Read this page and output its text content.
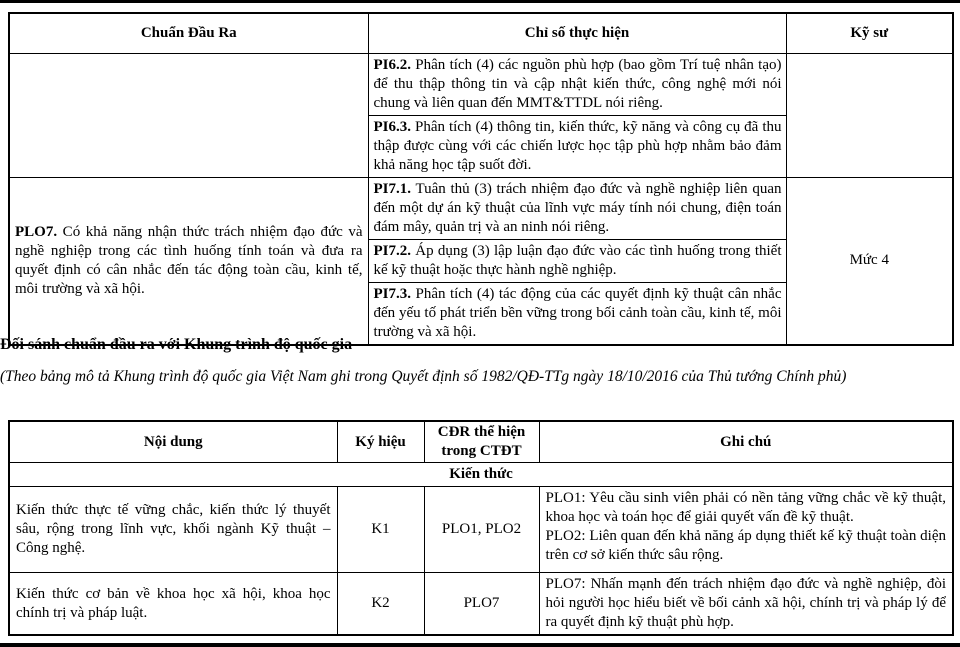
Chuẩn Đầu Ra	Chỉ số thực hiện	Kỹ sư
	PI6.2. Phân tích (4) các nguồn phù hợp (bao gồm Trí tuệ nhân tạo) để thu thập thông tin và cập nhật kiến thức, công nghệ mới nói chung và liên quan đến MMT&TTDL nói riêng.	
	PI6.3. Phân tích (4) thông tin, kiến thức, kỹ năng và công cụ đã thu thập được cùng với các chiến lược học tập phù hợp nhằm bảo đảm khả năng học tập suốt đời.	
PLO7. Có khả năng nhận thức trách nhiệm đạo đức và nghề nghiệp trong các tình huống tính toán và đưa ra quyết định có cân nhắc đến tác động toàn cầu, kinh tế, môi trường và xã hội.	PI7.1. Tuân thủ (3) trách nhiệm đạo đức và nghề nghiệp liên quan đến một dự án kỹ thuật của lĩnh vực máy tính nói chung, điện toán đám mây, quản trị và an ninh nói riêng.	Mức 4
	PI7.2. Áp dụng (3) lập luận đạo đức vào các tình huống trong thiết kế kỹ thuật hoặc thực hành nghề nghiệp.	
	PI7.3. Phân tích (4) tác động của các quyết định kỹ thuật cân nhắc đến yếu tố phát triển bền vững trong bối cảnh toàn cầu, kinh tế, môi trường và xã hội.	
Đối sánh chuẩn đầu ra với Khung trình độ quốc gia
(Theo bảng mô tả Khung trình độ quốc gia Việt Nam ghi trong Quyết định số 1982/QĐ-TTg ngày 18/10/2016 của Thủ tướng Chính phủ)
Nội dung	Ký hiệu	CĐR thể hiện trong CTĐT	Ghi chú
Kiến thức			
Kiến thức thực tế vững chắc, kiến thức lý thuyết sâu, rộng trong lĩnh vực, khối ngành Kỹ thuật – Công nghệ.	K1	PLO1, PLO2	PLO1: Yêu cầu sinh viên phải có nền tảng vững chắc về kỹ thuật, khoa học và toán học để giải quyết vấn đề kỹ thuật.
PLO2: Liên quan đến khả năng áp dụng thiết kế kỹ thuật toàn diện trên cơ sở kiến thức sâu rộng.

Kiến thức cơ bản về khoa học xã hội, khoa học chính trị và pháp luật.	K2	PLO7	PLO7: Nhấn mạnh đến trách nhiệm đạo đức và nghề nghiệp, đòi hỏi người học hiểu biết về bối cảnh xã hội, chính trị và pháp lý để ra quyết định kỹ thuật phù hợp.
